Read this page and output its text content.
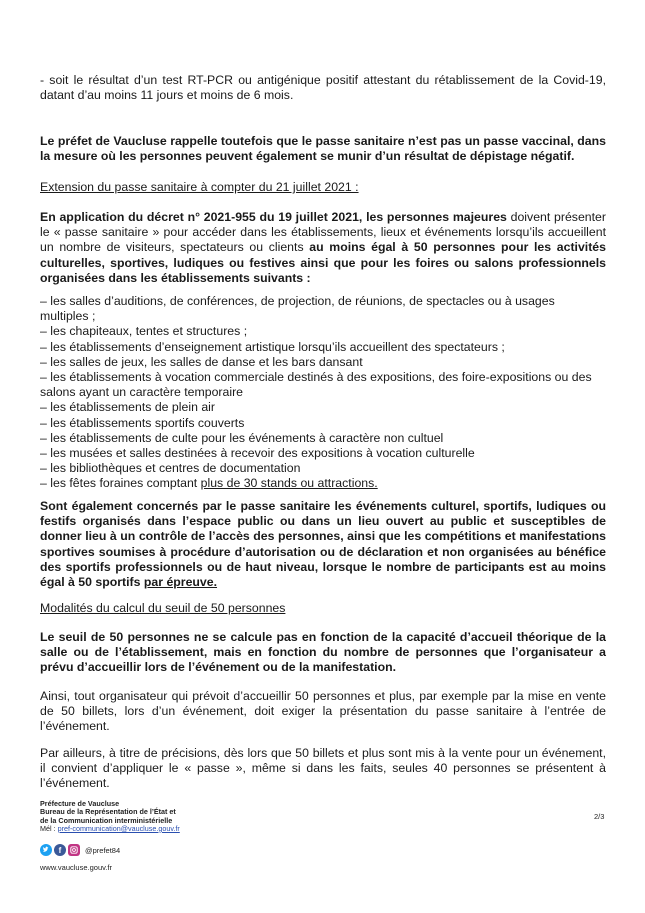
- soit le résultat d’un test RT-PCR ou antigénique positif attestant du rétablissement de la Covid-19, datant d’au moins 11 jours et moins de 6 mois.

Le préfet de Vaucluse rappelle toutefois que le passe sanitaire n’est pas un passe vaccinal, dans la mesure où les personnes peuvent également se munir d’un résultat de dépistage négatif.

Extension du passe sanitaire à compter du 21 juillet 2021 :

En application du décret n° 2021-955 du 19 juillet 2021, les personnes majeures doivent présenter le « passe sanitaire » pour accéder dans les établissements, lieux et événements lorsqu’ils accueillent un nombre de visiteurs, spectateurs ou clients au moins égal à 50 personnes pour les activités culturelles, sportives, ludiques ou festives ainsi que pour les foires ou salons professionnels organisées dans les établissements suivants :

– les salles d’auditions, de conférences, de projection, de réunions, de spectacles ou à usages multiples ;
– les chapiteaux, tentes et structures ;
– les établissements d’enseignement artistique lorsqu’ils accueillent des spectateurs ;
– les salles de jeux, les salles de danse et les bars dansant
– les établissements à vocation commerciale destinés à des expositions, des foire-expositions ou des salons ayant un caractère temporaire
– les établissements de plein air
– les établissements sportifs couverts
– les établissements de culte pour les événements à caractère non cultuel
– les musées et salles destinées à recevoir des expositions à vocation culturelle
– les bibliothèques et centres de documentation
– les fêtes foraines comptant plus de 30 stands ou attractions.

Sont également concernés par le passe sanitaire les événements culturel, sportifs, ludiques ou festifs organisés dans l’espace public ou dans un lieu ouvert au public et susceptibles de donner lieu à un contrôle de l’accès des personnes, ainsi que les compétitions et manifestations sportives soumises à procédure d’autorisation ou de déclaration et non organisées au bénéfice des sportifs professionnels ou de haut niveau, lorsque le nombre de participants est au moins égal à 50 sportifs par épreuve.

Modalités du calcul du seuil de 50 personnes

Le seuil de 50 personnes ne se calcule pas en fonction de la capacité d’accueil théorique de la salle ou de l’établissement, mais en fonction du nombre de personnes que l’organisateur a prévu d’accueillir lors de l’événement ou de la manifestation.

Ainsi, tout organisateur qui prévoit d’accueillir 50 personnes et plus, par exemple par la mise en vente de 50 billets, lors d’un événement, doit exiger la présentation du passe sanitaire à l’entrée de l’événement.

Par ailleurs, à titre de précisions, dès lors que 50 billets et plus sont mis à la vente pour un événement, il convient d’appliquer le « passe », même si dans les faits, seules 40 personnes se présentent à l’événement.

Préfecture de Vaucluse
Bureau de la Représentation de l’État et
de la Communication interministérielle
Mél : pref-communication@vaucluse.gouv.fr
2/3
f	@prefet84
www.vaucluse.gouv.fr
